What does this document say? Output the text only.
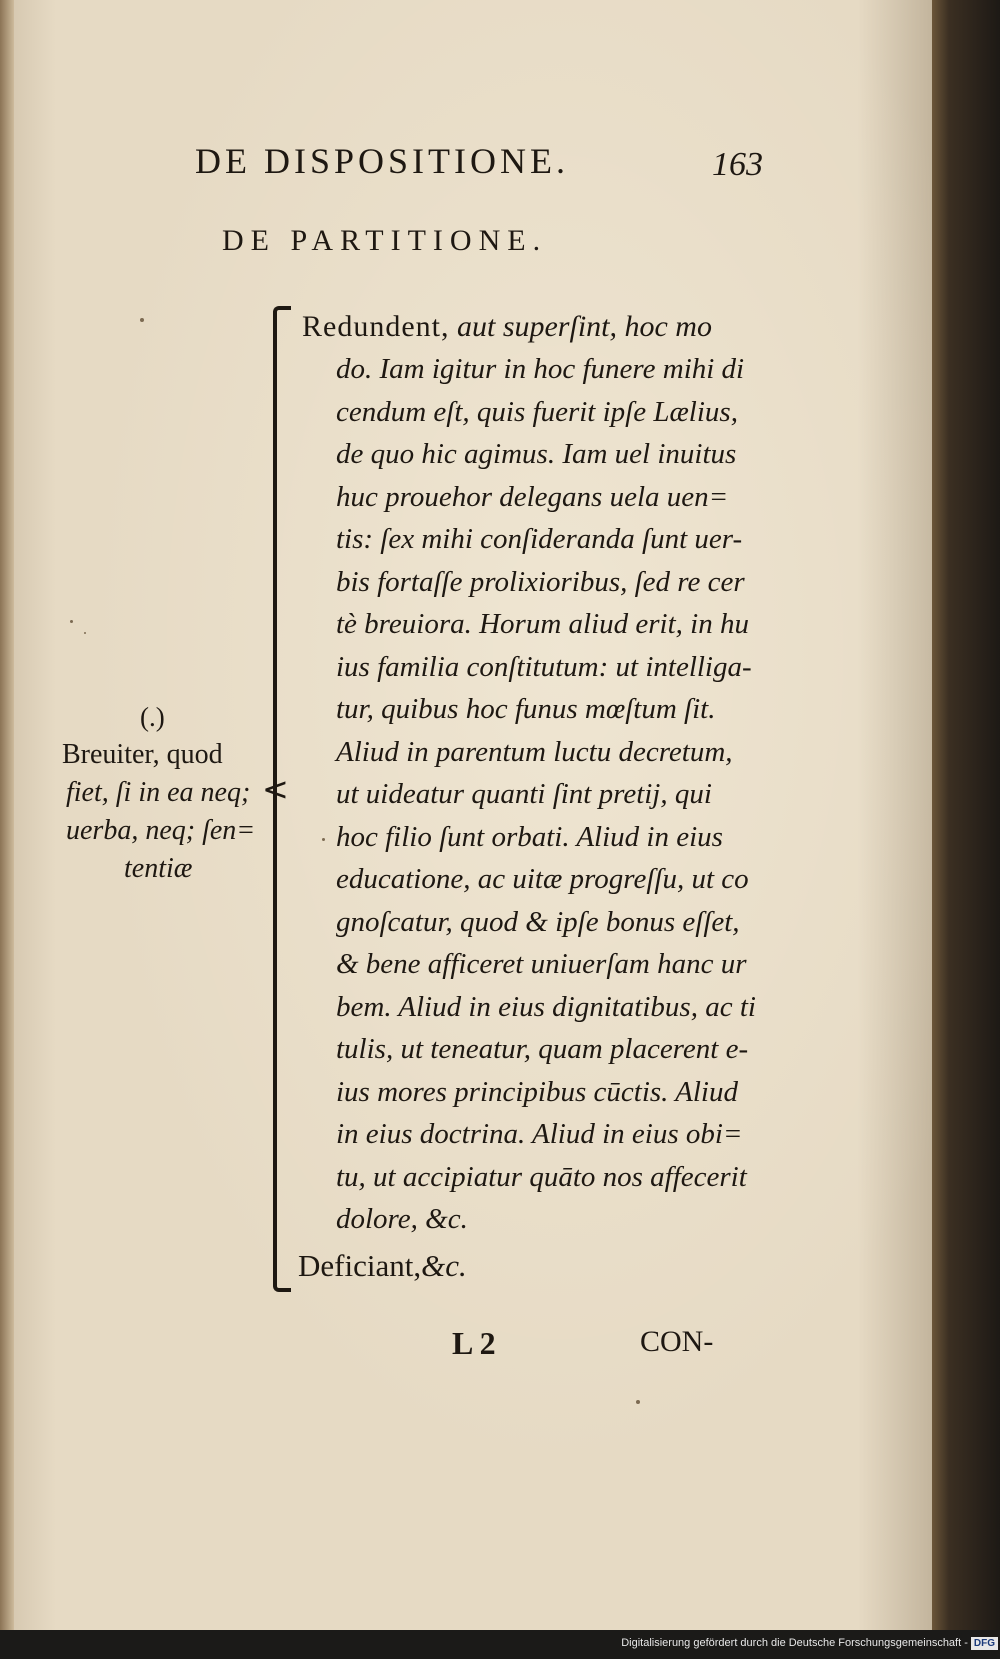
DE DISPOSITIONE.	163
DE PARTITIONE.
<
Redundent, aut superſint, hoc mo
do. Iam igitur in hoc funere mihi di
cendum eſt, quis fuerit ipſe Lælius,
de quo hic agimus. Iam uel inuitus
huc prouehor delegans uela uen=
tis: ſex mihi conſideranda ſunt uer-
bis fortaſſe prolixioribus, ſed re cer
tè breuiora. Horum aliud erit, in hu
ius familia conſtitutum: ut intelliga-
tur, quibus hoc funus mœſtum ſit.
Aliud in parentum luctu decretum,
ut uideatur quanti ſint pretij, qui
hoc filio ſunt orbati. Aliud in eius
educatione, ac uitæ progreſſu, ut co
gnoſcatur, quod & ipſe bonus eſſet,
& bene afficeret uniuerſam hanc ur
bem. Aliud in eius dignitatibus, ac ti
tulis, ut teneatur, quam placerent e-
ius mores principibus cūctis. Aliud
in eius doctrina. Aliud in eius obi=
tu, ut accipiatur quāto nos affecerit
dolore, &c.
Deficiant,&c.
(.)
Breuiter, quod
fiet, ſi in ea neq;
uerba, neq; ſen=
tentiæ
L 2	CON-
Digitalisierung gefördert durch die Deutsche Forschungsgemeinschaft - DFG
